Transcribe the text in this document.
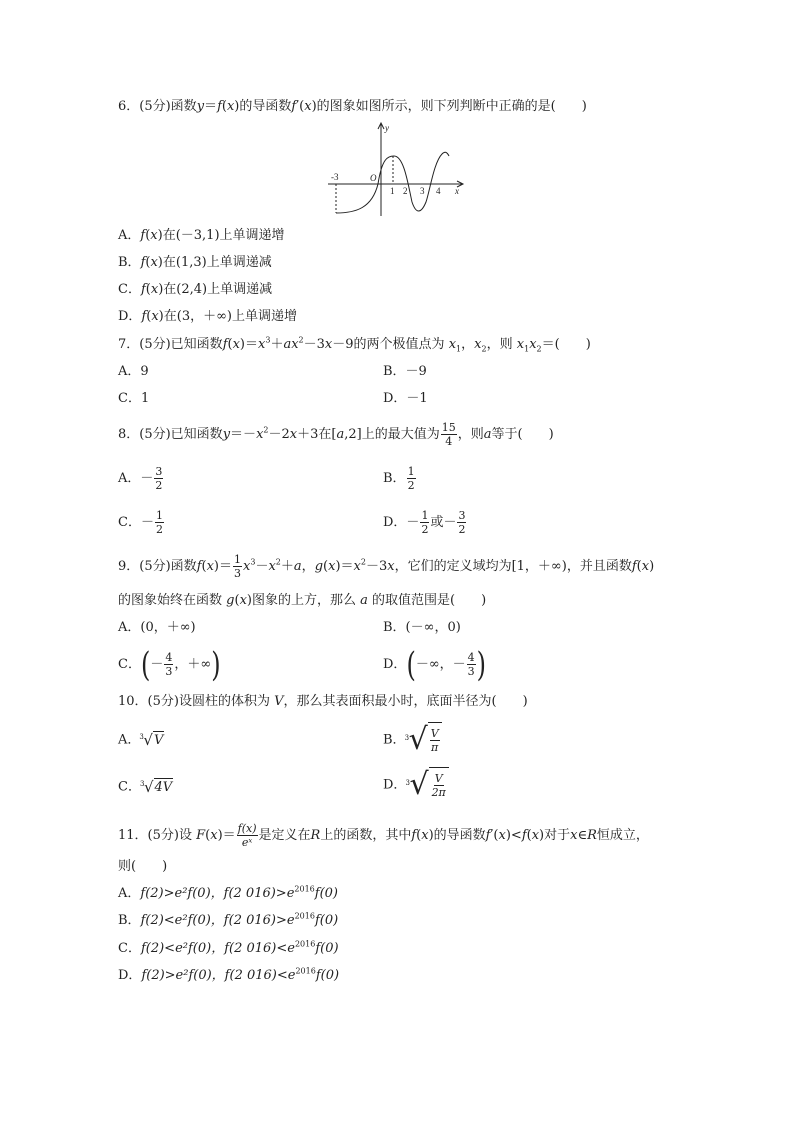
6．(5分)函数y＝f(x)的导函数f′(x)的图象如图所示，则下列判断中正确的是(　　)
-3	O
1 2 3 4 x
y
A．f(x)在(－3,1)上单调递增
B．f(x)在(1,3)上单调递减
C．f(x)在(2,4)上单调递减
D．f(x)在(3，＋∞)上单调递增
7．(5分)已知函数$f(x)=x^3+ax^2-3x-9$的两个极值点为 $x_1$，$x_2$，则 $x_1x_2=$(　　)
A．9	B．－9
C．1	D．－1
8．(5分)已知函数$y=-x^2-2x+3$在[a,2]上的最大值为 $\frac{15}{4}$ ，则a等于(　　)
A．－ $\frac{3}{2}$	B． $\frac{1}{2}$
C．－ $\frac{1}{2}$	D．－ $\frac{1}{2}$ 或－ $\frac{3}{2}$
9．(5分)函数$f(x)= \frac{1}{3} x^3-x^2+a$，$g(x)=x^2-3x$，它们的定义域均为[1，＋∞)，并且函数f(x)
的图象始终在函数 g(x)图象的上方，那么 a 的取值范围是(　　)
A．(0，＋∞)	B．(－∞，0)
C．(－ $\frac{4}{3}$ ，＋∞)	D．(－∞，－ $\frac{4}{3}$ )
10．(5分)设圆柱的体积为 V，那么其表面积最小时，底面半径为(　　)
A． 3 √ V	B． 3 √ $\frac{V}{\pi}$
C． 3 √ 4V	D． 3 √ $\frac{V}{2\pi}$
11．(5分)设 $F(x)= \frac{f(x)}{\text{eˣ}}$ 是定义在R上的函数，其中f(x)的导函数f′(x)<f(x)对于x∈R恒成立，
则(　　)
A．f(2)>e²f(0)，f(2 $016)>e^{2016}f(0)$
B．f(2)<e²f(0)，f(2 $016)>e^{2016}f(0)$
C．f(2)<e²f(0)，f(2 $016)<e^{2016}f(0)$
D．f(2)>e²f(0)，f(2 $016)<e^{2016}f(0)$
